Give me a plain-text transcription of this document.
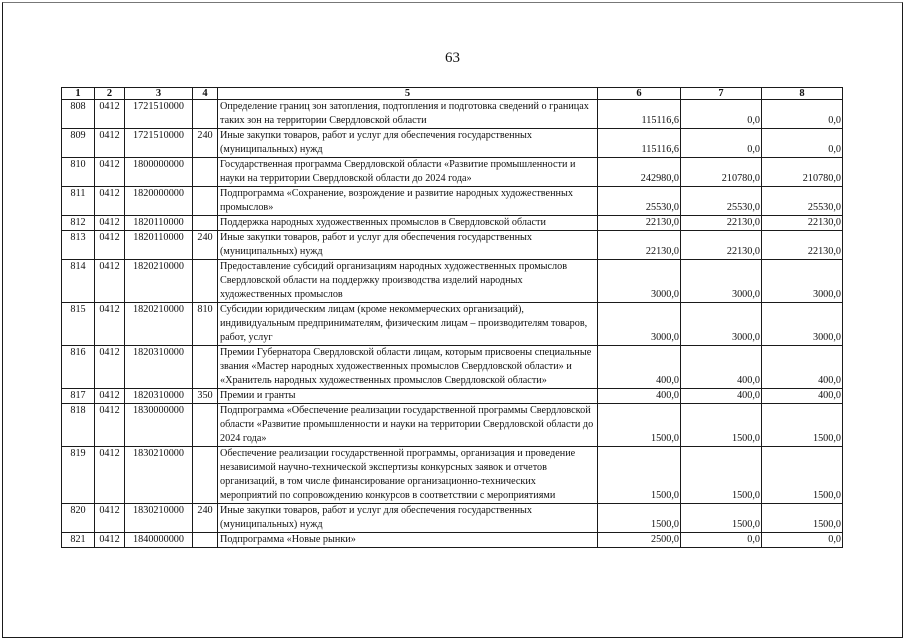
63
1	2	3	4	5	6	7	8
808	0412	1721510000		Определение границ зон затопления, подтопления и подготовка сведений о границах таких зон на территории Свердловской области	115116,6	0,0	0,0
809	0412	1721510000	240	Иные закупки товаров, работ и услуг для обеспечения государственных (муниципальных) нужд	115116,6	0,0	0,0
810	0412	1800000000		Государственная программа Свердловской области «Развитие промышленности и науки на территории Свердловской области до 2024 года»	242980,0	210780,0	210780,0
811	0412	1820000000		Подпрограмма «Сохранение, возрождение и развитие народных художественных промыслов»	25530,0	25530,0	25530,0
812	0412	1820110000		Поддержка народных художественных промыслов в Свердловской области	22130,0	22130,0	22130,0
813	0412	1820110000	240	Иные закупки товаров, работ и услуг для обеспечения государственных (муниципальных) нужд	22130,0	22130,0	22130,0
814	0412	1820210000		Предоставление субсидий организациям народных художественных промыслов Свердловской области на поддержку производства изделий народных художественных промыслов	3000,0	3000,0	3000,0
815	0412	1820210000	810	Субсидии юридическим лицам (кроме некоммерческих организаций), индивидуальным предпринимателям, физическим лицам – производителям товаров, работ, услуг	3000,0	3000,0	3000,0
816	0412	1820310000		Премии Губернатора Свердловской области лицам, которым присвоены специальные звания «Мастер народных художественных промыслов Свердловской области» и «Хранитель народных художественных промыслов Свердловской области»	400,0	400,0	400,0
817	0412	1820310000	350	Премии и гранты	400,0	400,0	400,0
818	0412	1830000000		Подпрограмма «Обеспечение реализации государственной программы Свердловской области «Развитие промышленности и науки на территории Свердловской области до 2024 года»	1500,0	1500,0	1500,0
819	0412	1830210000		Обеспечение реализации государственной программы, организация и проведение независимой научно-технической экспертизы конкурсных заявок и отчетов организаций, в том числе финансирование организационно-технических мероприятий по сопровождению конкурсов в соответствии с мероприятиями	1500,0	1500,0	1500,0
820	0412	1830210000	240	Иные закупки товаров, работ и услуг для обеспечения государственных (муниципальных) нужд	1500,0	1500,0	1500,0
821	0412	1840000000		Подпрограмма «Новые рынки»	2500,0	0,0	0,0
